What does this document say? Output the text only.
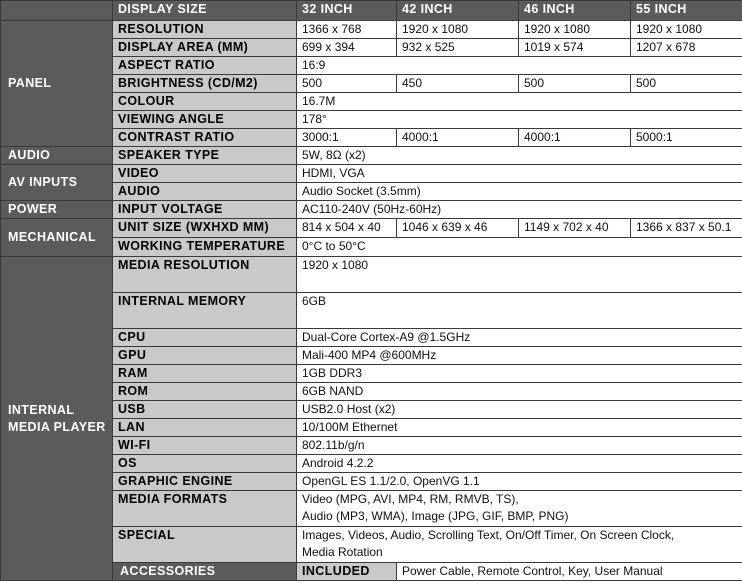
	DISPLAY SIZE	32 INCH	42 INCH	46 INCH	55 INCH
PANEL	RESOLUTION	1366 x 768	1920 x 1080	1920 x 1080	1920 x 1080
	DISPLAY AREA (MM)	699 x 394	932 x 525	1019 x 574	1207 x 678
	ASPECT RATIO	16:9			
	BRIGHTNESS (CD/M2)	500	450	500	500
	COLOUR	16.7M			
	VIEWING ANGLE	178°			
	CONTRAST RATIO	3000:1	4000:1	4000:1	5000:1
AUDIO	SPEAKER TYPE	5W, 8Ω (x2)			
AV INPUTS	VIDEO	HDMI, VGA			
	AUDIO	Audio Socket (3.5mm)			
POWER	INPUT VOLTAGE	AC110-240V (50Hz-60Hz)			
MECHANICAL	UNIT SIZE (WXHXD MM)	814 x 504 x 40	1046 x 639 x 46	1149 x 702 x 40	1366 x 837 x 50.1
	WORKING TEMPERATURE	0°C to 50°C			
INTERNAL MEDIA PLAYER	MEDIA RESOLUTION	1920 x 1080			
	INTERNAL MEMORY	6GB			
	CPU	Dual-Core Cortex-A9 @1.5GHz			
	GPU	Mali-400 MP4 @600MHz			
	RAM	1GB DDR3			
	ROM	6GB NAND			
	USB	USB2.0 Host (x2)			
	LAN	10/100M Ethernet			
	WI-FI	802.11b/g/n			
	OS	Android 4.2.2			
	GRAPHIC ENGINE	OpenGL ES 1.1/2.0, OpenVG 1.1			
	MEDIA FORMATS	Video (MPG, AVI, MP4, RM, RMVB, TS),
Audio (MP3, WMA), Image (JPG, GIF, BMP, PNG)			

	SPECIAL	Images, Videos, Audio, Scrolling Text, On/Off Timer, On Screen Clock,
Media Rotation			

	ACCESSORIES	INCLUDED	Power Cable, Remote Control, Key, User Manual		
